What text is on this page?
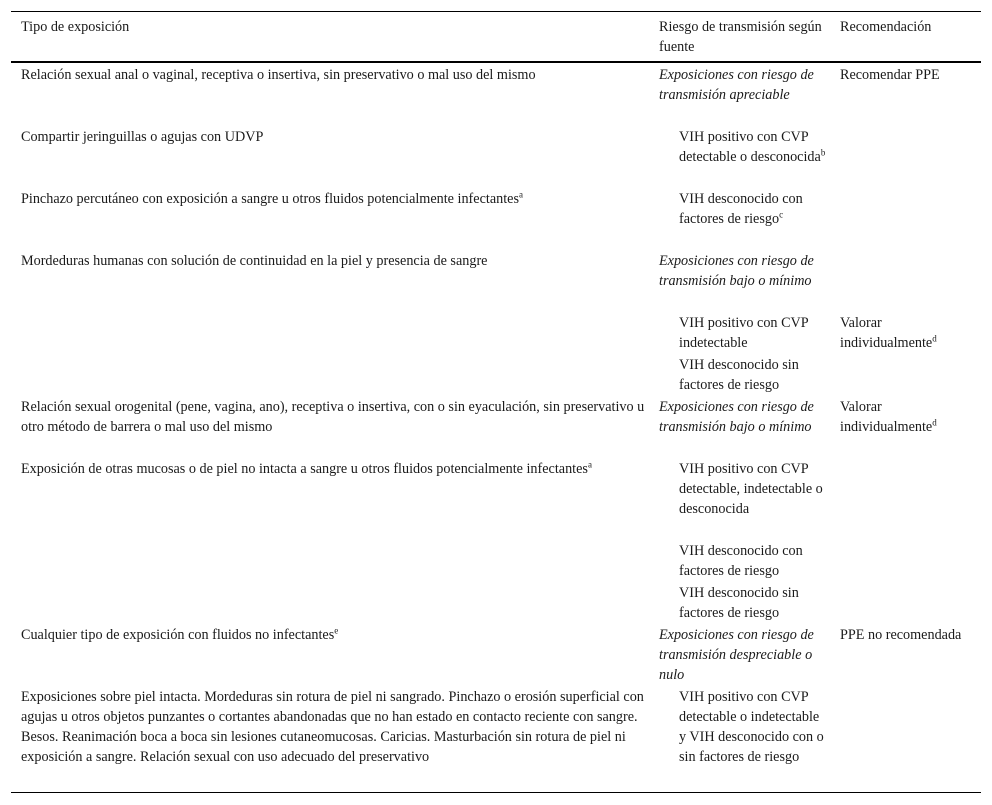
Tipo de exposición	Riesgo de transmisión según fuente
Recomendación
Relación sexual anal o vaginal, receptiva o insertiva, sin preservativo o mal uso del mismo
Compartir jeringuillas o agujas con UDVP
Pinchazo percutáneo con exposición a sangre u otros fluidos potencialmente infectantes$^a$
Mordeduras humanas con solución de continuidad en la piel y presencia de sangre
Relación sexual orogenital (pene, vagina, ano), receptiva o insertiva, con o sin eyaculación, sin preservativo u otro método de barrera o mal uso del mismo
Exposición de otras mucosas o de piel no intacta a sangre u otros fluidos potencialmente infectantes$^a$
Cualquier tipo de exposición con fluidos no infectantes$^e$
Exposiciones sobre piel intacta. Mordeduras sin rotura de piel ni sangrado. Pinchazo o erosión superficial con agujas u otros objetos punzantes o cortantes abandonadas que no han estado en contacto reciente con sangre. Besos. Reanimación boca a boca sin lesiones cutaneomucosas. Caricias. Masturbación sin rotura de piel ni exposición a sangre. Relación sexual con uso adecuado del preservativo
Exposiciones con riesgo de transmisión apreciable
VIH positivo con CVP detectable o desconocida$^b$
VIH desconocido con factores de riesgo$^c$
Exposiciones con riesgo de transmisión bajo o mínimo
VIH positivo con CVP indetectable
VIH desconocido sin factores de riesgo
Exposiciones con riesgo de transmisión bajo o mínimo
VIH positivo con CVP detectable, indetectable o desconocida
VIH desconocido con factores de riesgo
VIH desconocido sin factores de riesgo
Exposiciones con riesgo de transmisión despreciable o nulo
VIH positivo con CVP detectable o indetectable y VIH desconocido con o sin factores de riesgo
Recomendar PPE
Valorar individualmente$^d$
Valorar individualmente$^d$
PPE no recomendada
